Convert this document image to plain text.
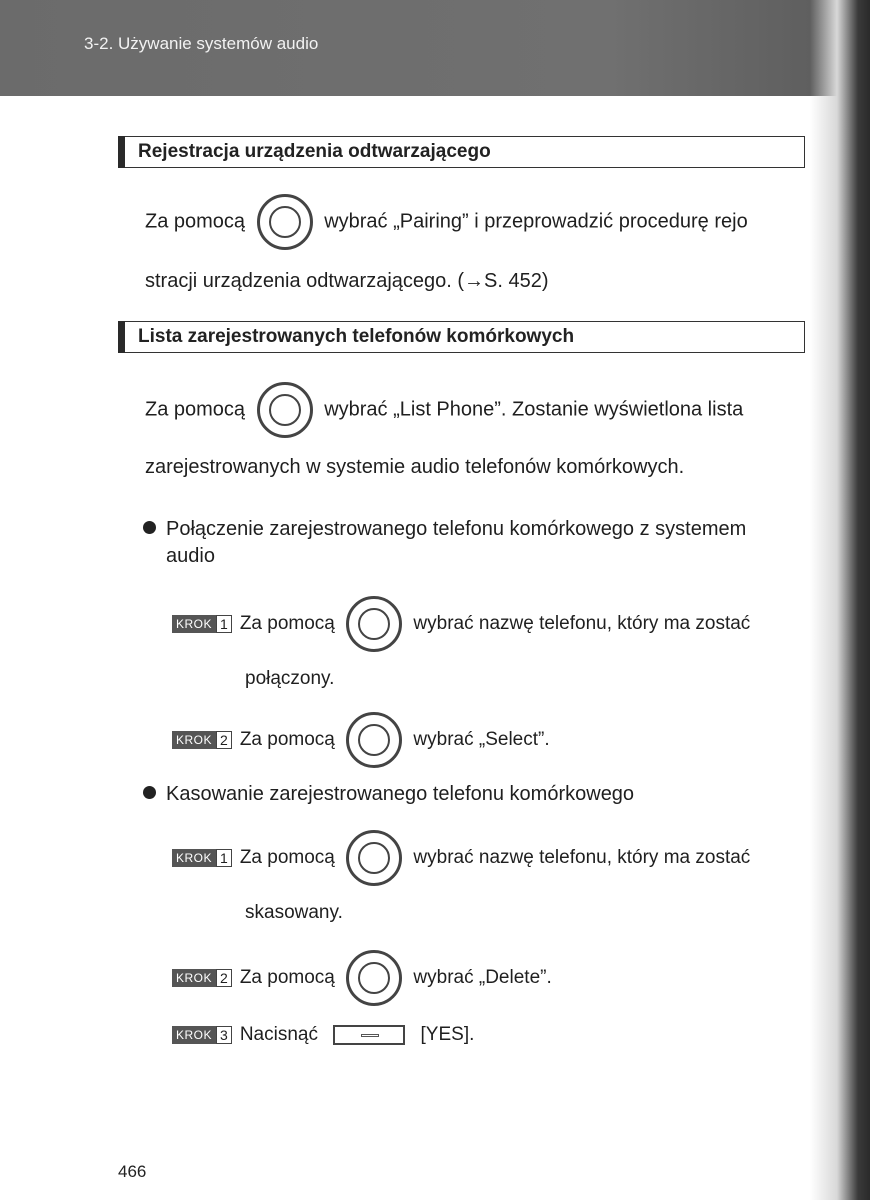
3-2. Używanie systemów audio
Rejestracja urządzenia odtwarzającego
Za pomocą	wybrać „Pairing” i przeprowadzić procedurę rejo
stracji urządzenia odtwarzającego. (→S. 452)
Lista zarejestrowanych telefonów komórkowych
Za pomocą	wybrać „List Phone”. Zostanie wyświetlona lista
zarejestrowanych w systemie audio telefonów komórkowych.
Połączenie zarejestrowanego telefonu komórkowego z systemem
audio
KROK 1 Za pomocą	wybrać nazwę telefonu, który ma zostać
połączony.
KROK 2 Za pomocą	wybrać „Select”.
Kasowanie zarejestrowanego telefonu komórkowego
KROK 1 Za pomocą	wybrać nazwę telefonu, który ma zostać
skasowany.
KROK 2 Za pomocą	wybrać „Delete”.
KROK 3 Nacisnąć	[YES].
466
